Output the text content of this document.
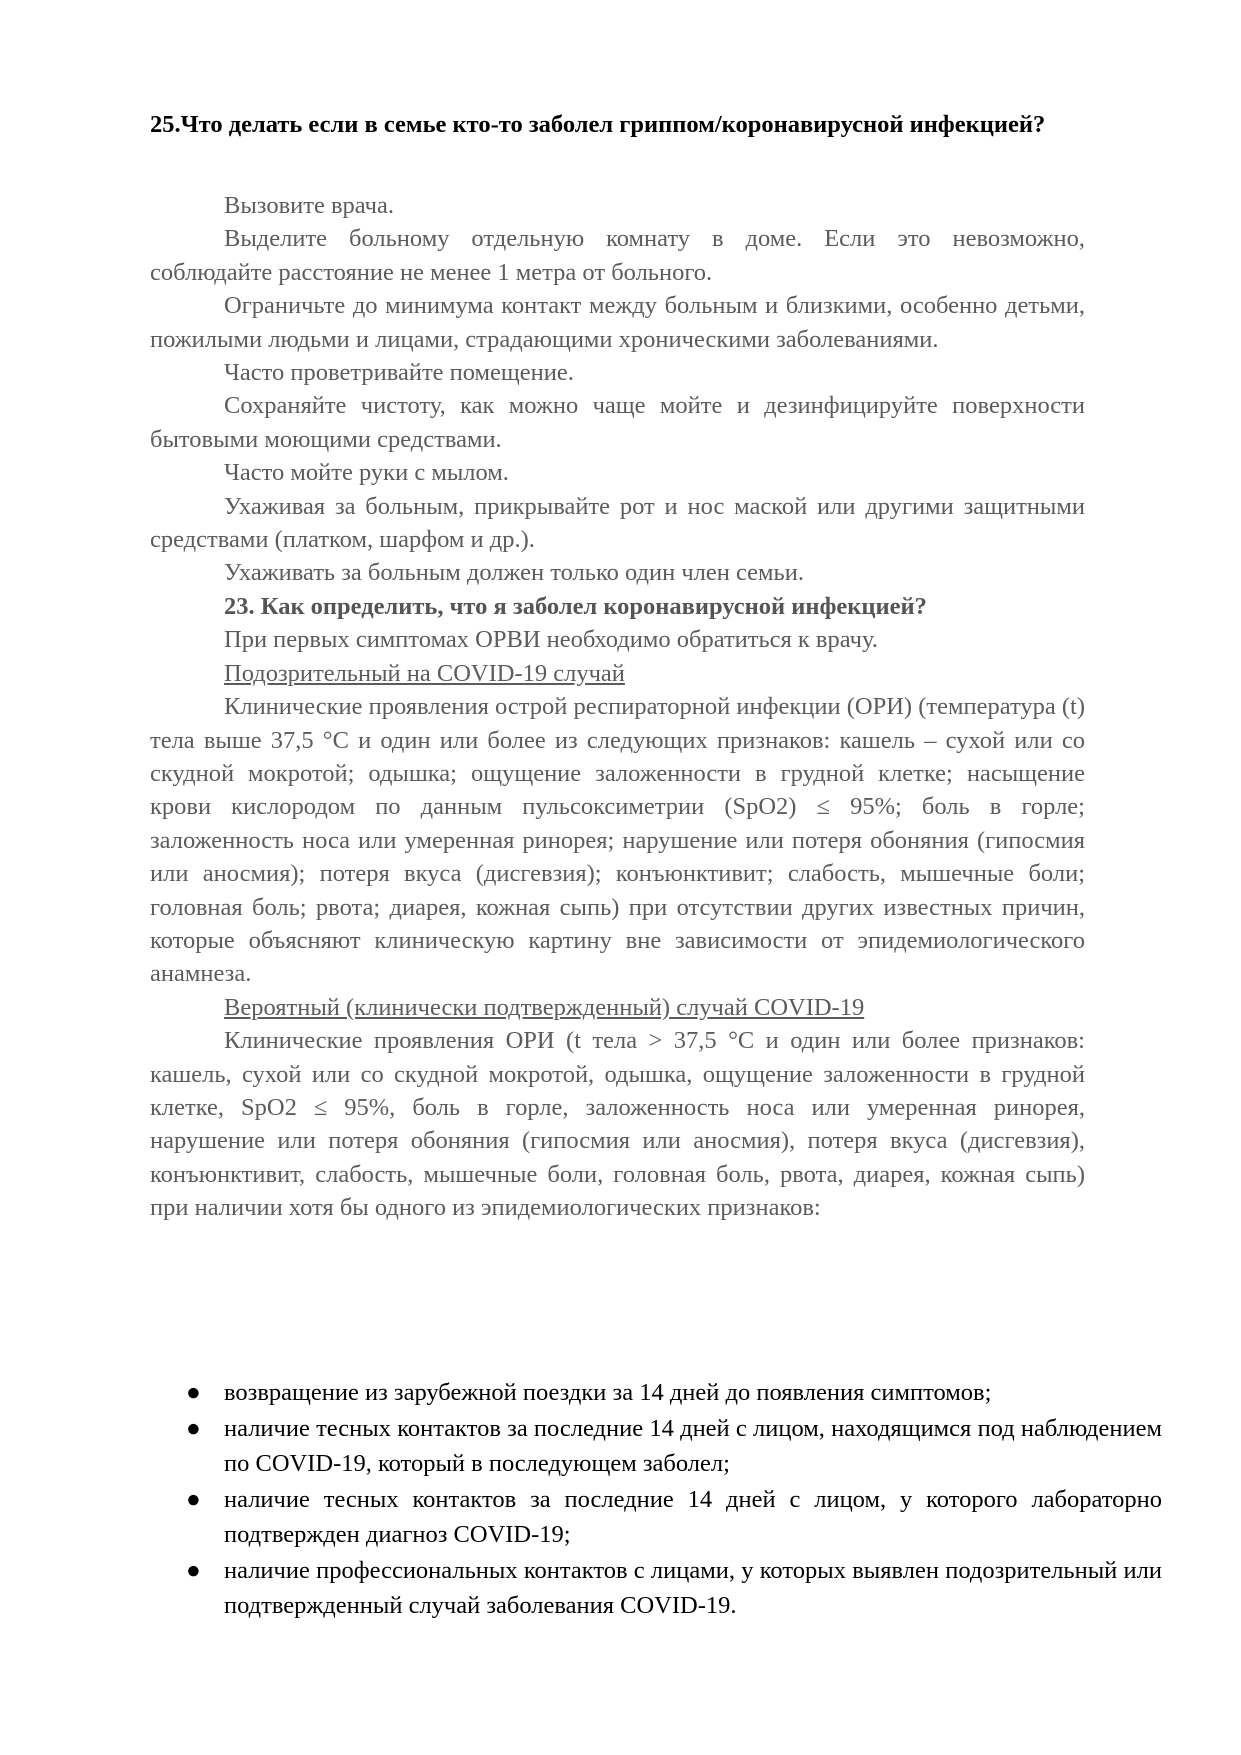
25.Что делать если в семье кто-то заболел гриппом/коронавирусной инфекцией?

Вызовите врача.

Выделите больному отдельную комнату в доме. Если это невозможно, соблюдайте расстояние не менее 1 метра от больного.

Ограничьте до минимума контакт между больным и близкими, особенно детьми, пожилыми людьми и лицами, страдающими хроническими заболеваниями.

Часто проветривайте помещение.

Сохраняйте чистоту, как можно чаще мойте и дезинфицируйте поверхности бытовыми моющими средствами.

Часто мойте руки с мылом.

Ухаживая за больным, прикрывайте рот и нос маской или другими защитными средствами (платком, шарфом и др.).

Ухаживать за больным должен только один член семьи.

23. Как определить, что я заболел коронавирусной инфекцией?

При первых симптомах ОРВИ необходимо обратиться к врачу.

Подозрительный на COVID-19 случай

Клинические проявления острой респираторной инфекции (ОРИ) (температура (t) тела выше 37,5 °C и один или более из следующих признаков: кашель – сухой или со скудной мокротой; одышка; ощущение заложенности в грудной клетке; насыщение крови кислородом по данным пульсоксиметрии (SpO2) ≤ 95%; боль в горле; заложенность носа или умеренная ринорея; нарушение или потеря обоняния (гипосмия или аносмия); потеря вкуса (дисгевзия); конъюнктивит; слабость, мышечные боли; головная боль; рвота; диарея, кожная сыпь) при отсутствии других известных причин, которые объясняют клиническую картину вне зависимости от эпидемиологического анамнеза.

Вероятный (клинически подтвержденный) случай COVID-19

Клинические проявления ОРИ (t тела > 37,5 °C и один или более признаков: кашель, сухой или со скудной мокротой, одышка, ощущение заложенности в грудной клетке, SpO2 ≤ 95%, боль в горле, заложенность носа или умеренная ринорея, нарушение или потеря обоняния (гипосмия или аносмия), потеря вкуса (дисгевзия), конъюнктивит, слабость, мышечные боли, головная боль, рвота, диарея, кожная сыпь) при наличии хотя бы одного из эпидемиологических признаков:

● возвращение из зарубежной поездки за 14 дней до появления симптомов;
● наличие тесных контактов за последние 14 дней с лицом, находящимся под наблюдением по COVID-19, который в последующем заболел;
● наличие тесных контактов за последние 14 дней с лицом, у которого лабораторно подтвержден диагноз COVID-19;
● наличие профессиональных контактов с лицами, у которых выявлен подозрительный или подтвержденный случай заболевания COVID-19.
